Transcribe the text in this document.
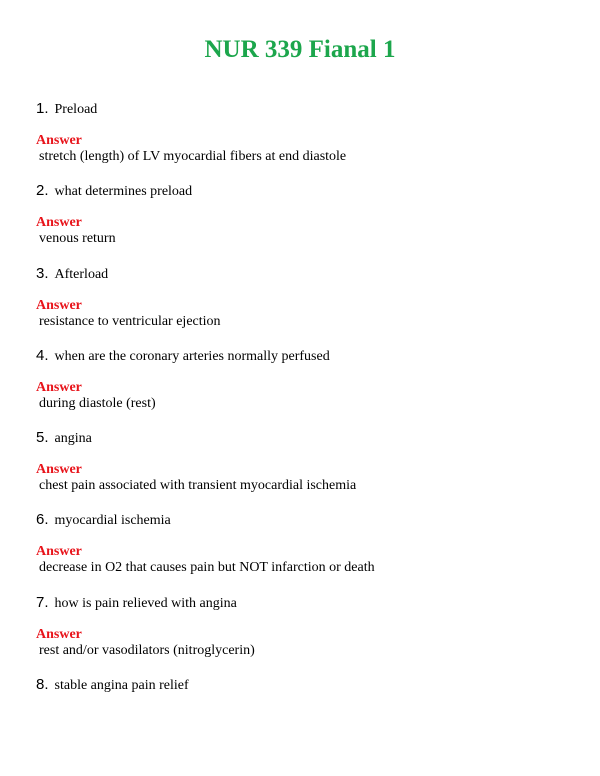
NUR 339 Fianal 1
1. Preload
Answer
stretch (length) of LV myocardial fibers at end diastole
2. what determines preload
Answer
venous return
3. Afterload
Answer
resistance to ventricular ejection
4. when are the coronary arteries normally perfused
Answer
during diastole (rest)
5. angina
Answer
chest pain associated with transient myocardial ischemia
6. myocardial ischemia
Answer
decrease in O2 that causes pain but NOT infarction or death
7. how is pain relieved with angina
Answer
rest and/or vasodilators (nitroglycerin)
8. stable angina pain relief
